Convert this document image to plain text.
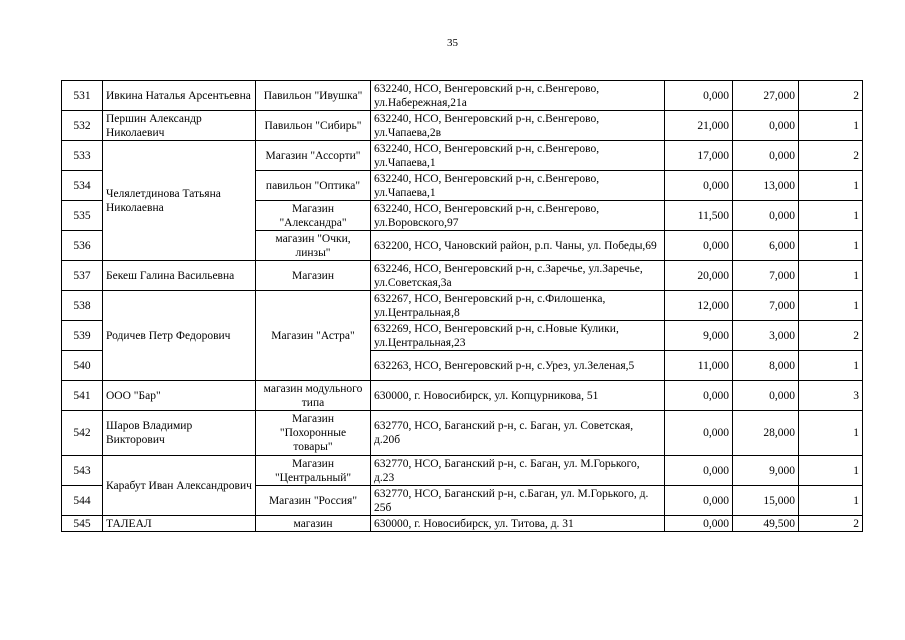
35
531	Ивкина Наталья Арсентьевна	Павильон "Ивушка"	632240, НСО, Венгеровский р-н, с.Венгерово, ул.Набережная,21а	0,000	27,000	2
532	Першин Александр Николаевич	Павильон "Сибирь"	632240, НСО, Венгеровский р-н, с.Венгерово, ул.Чапаева,2в	21,000	0,000	1
533	Челялетдинова Татьяна Николаевна	Магазин "Ассорти"	632240, НСО, Венгеровский р-н, с.Венгерово, ул.Чапаева,1	17,000	0,000	2
534		павильон "Оптика"	632240, НСО, Венгеровский р-н, с.Венгерово, ул.Чапаева,1	0,000	13,000	1
535		Магазин "Александра"	632240, НСО, Венгеровский р-н, с.Венгерово, ул.Воровского,97	11,500	0,000	1
536		магазин "Очки, линзы"	632200, НСО, Чановский район, р.п. Чаны, ул. Победы,69	0,000	6,000	1
537	Бекеш Галина Васильевна	Магазин	632246, НСО, Венгеровский р-н, с.Заречье, ул.Заречье, ул.Советская,3а	20,000	7,000	1
538	Родичев Петр Федорович	Магазин "Астра"	632267, НСО, Венгеровский р-н, с.Филошенка, ул.Центральная,8	12,000	7,000	1
539			632269, НСО, Венгеровский р-н, с.Новые Кулики, ул.Центральная,23	9,000	3,000	2
540			632263, НСО, Венгеровский р-н, с.Урез, ул.Зеленая,5	11,000	8,000	1
541	ООО "Бар"	магазин модульного типа	630000, г. Новосибирск, ул. Копцурникова, 51	0,000	0,000	3
542	Шаров Владимир Викторович	Магазин "Похоронные товары"	632770, НСО, Баганский р-н, с. Баган, ул. Советская, д.20б	0,000	28,000	1
543	Карабут Иван Александрович	Магазин "Центральный"	632770, НСО, Баганский р-н, с. Баган, ул. М.Горького, д.23	0,000	9,000	1
544		Магазин "Россия"	632770, НСО, Баганский р-н, с.Баган, ул. М.Горького, д. 25б	0,000	15,000	1
545	ТАЛЕАЛ	магазин	630000, г. Новосибирск, ул. Титова, д. 31	0,000	49,500	2
